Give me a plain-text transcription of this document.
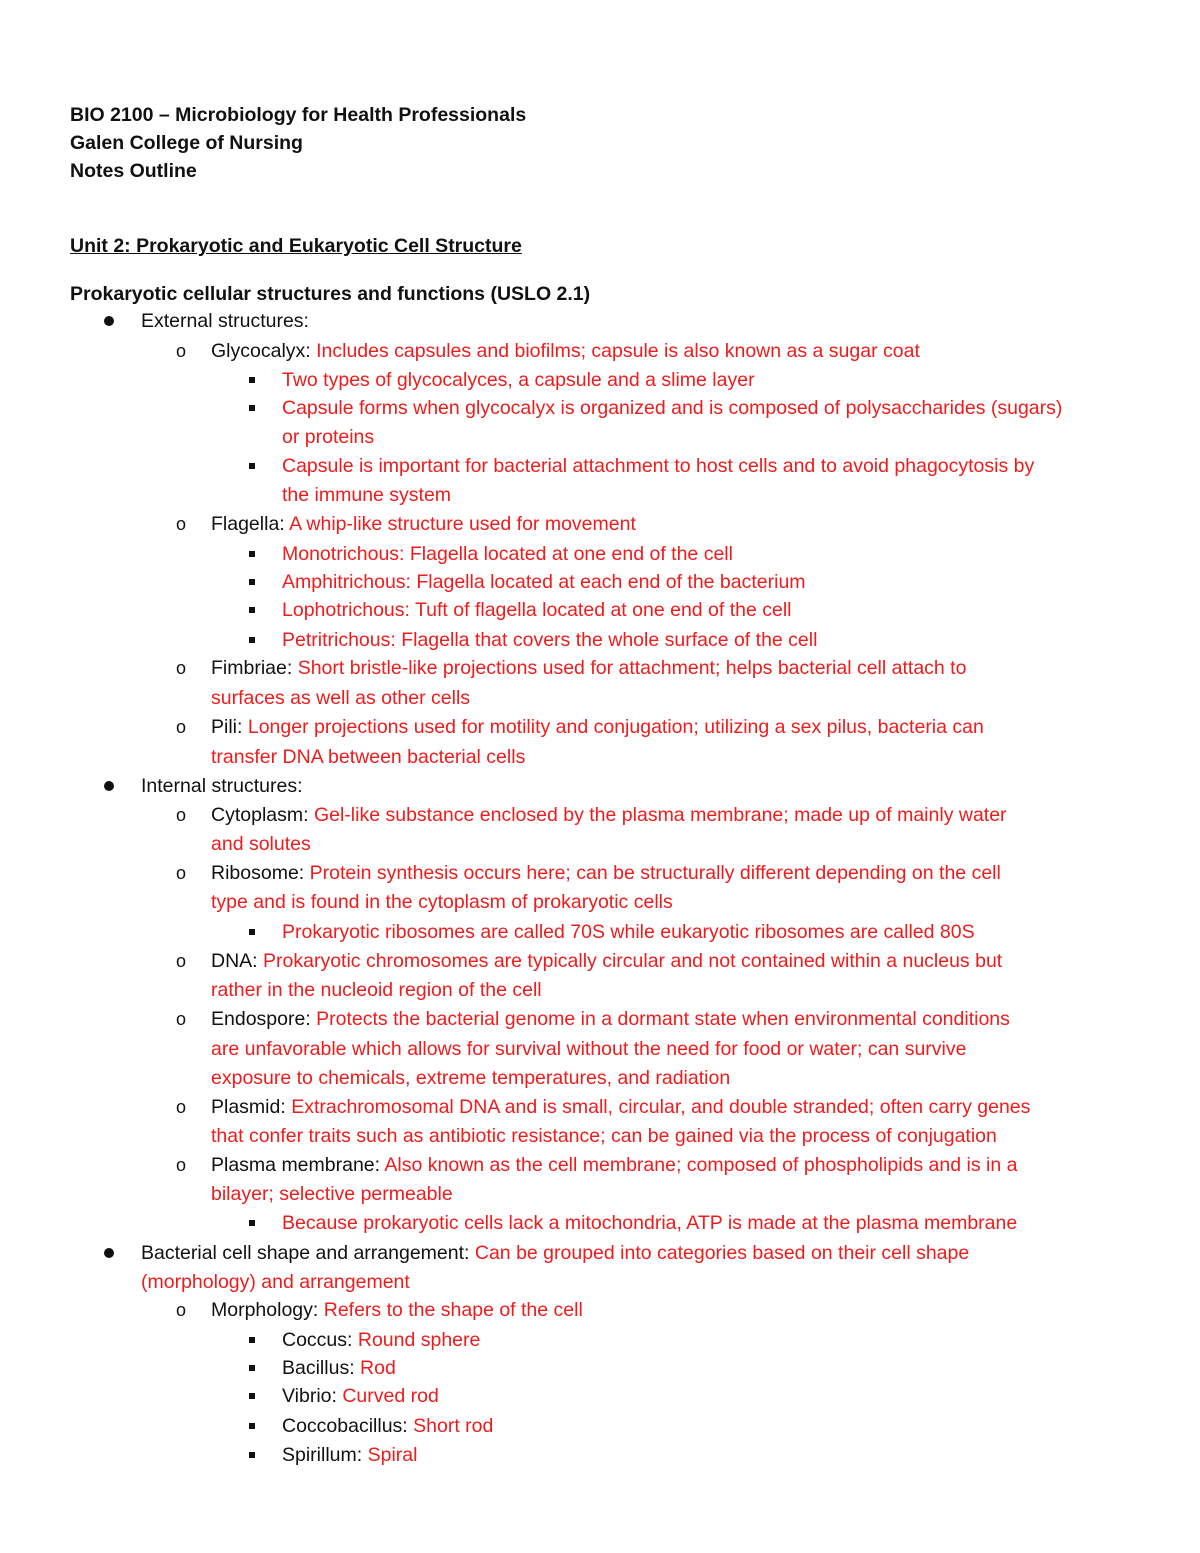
BIO 2100 – Microbiology for Health Professionals
Galen College of Nursing
Notes Outline
Unit 2: Prokaryotic and Eukaryotic Cell Structure
Prokaryotic cellular structures and functions (USLO 2.1)
External structures:
o Glycocalyx: Includes capsules and biofilms; capsule is also known as a sugar coat
Two types of glycocalyces, a capsule and a slime layer
Capsule forms when glycocalyx is organized and is composed of polysaccharides (sugars)
or proteins
Capsule is important for bacterial attachment to host cells and to avoid phagocytosis by
the immune system
o Flagella: A whip-like structure used for movement
Monotrichous: Flagella located at one end of the cell
Amphitrichous: Flagella located at each end of the bacterium
Lophotrichous: Tuft of flagella located at one end of the cell
Petritrichous: Flagella that covers the whole surface of the cell
o Fimbriae: Short bristle-like projections used for attachment; helps bacterial cell attach to
surfaces as well as other cells
o Pili: Longer projections used for motility and conjugation; utilizing a sex pilus, bacteria can
transfer DNA between bacterial cells
Internal structures:
o Cytoplasm: Gel-like substance enclosed by the plasma membrane; made up of mainly water
and solutes
o Ribosome: Protein synthesis occurs here; can be structurally different depending on the cell
type and is found in the cytoplasm of prokaryotic cells
Prokaryotic ribosomes are called 70S while eukaryotic ribosomes are called 80S
o DNA: Prokaryotic chromosomes are typically circular and not contained within a nucleus but
rather in the nucleoid region of the cell
o Endospore: Protects the bacterial genome in a dormant state when environmental conditions
are unfavorable which allows for survival without the need for food or water; can survive
exposure to chemicals, extreme temperatures, and radiation
o Plasmid: Extrachromosomal DNA and is small, circular, and double stranded; often carry genes
that confer traits such as antibiotic resistance; can be gained via the process of conjugation
o Plasma membrane: Also known as the cell membrane; composed of phospholipids and is in a
bilayer; selective permeable
Because prokaryotic cells lack a mitochondria, ATP is made at the plasma membrane
Bacterial cell shape and arrangement: Can be grouped into categories based on their cell shape
(morphology) and arrangement
o Morphology: Refers to the shape of the cell
Coccus: Round sphere
Bacillus: Rod
Vibrio: Curved rod
Coccobacillus: Short rod
Spirillum: Spiral
